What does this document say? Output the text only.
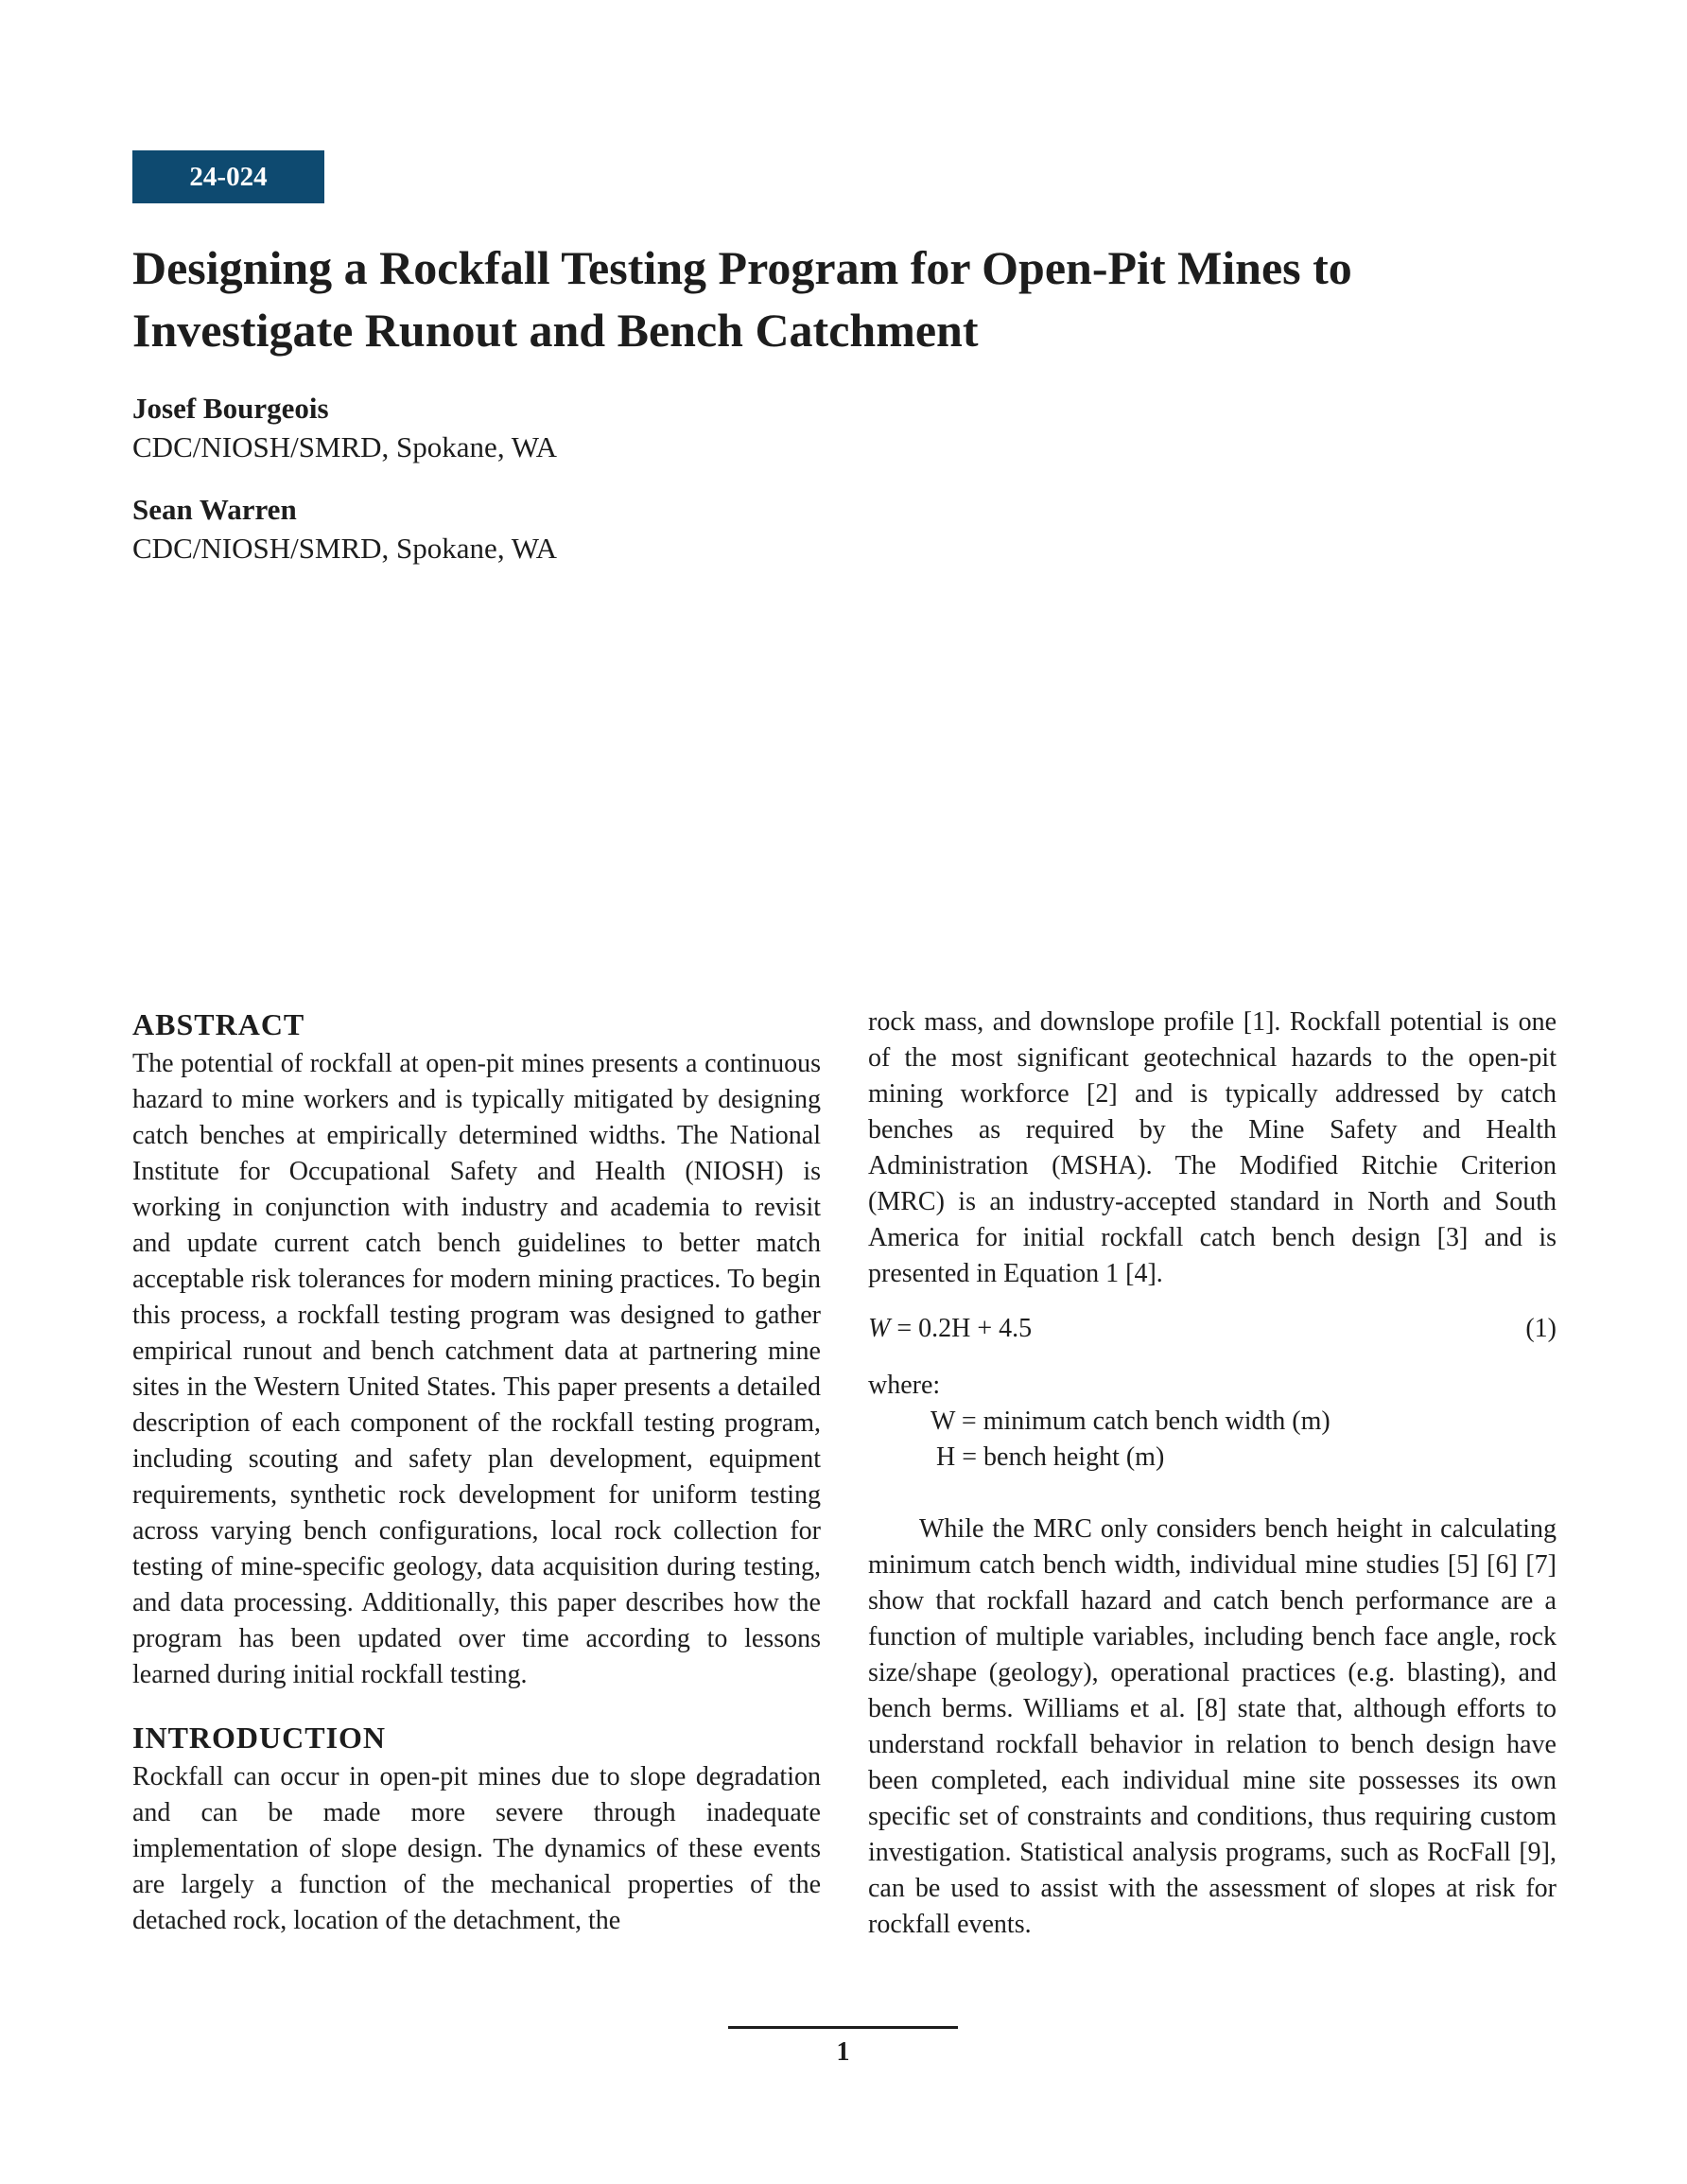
24-024
Designing a Rockfall Testing Program for Open-Pit Mines to Investigate Runout and Bench Catchment
Josef Bourgeois
CDC/NIOSH/SMRD, Spokane, WA
Sean Warren
CDC/NIOSH/SMRD, Spokane, WA
ABSTRACT

The potential of rockfall at open-pit mines presents a continuous hazard to mine workers and is typically mitigated by designing catch benches at empirically determined widths. The National Institute for Occupational Safety and Health (NIOSH) is working in conjunction with industry and academia to revisit and update current catch bench guidelines to better match acceptable risk tolerances for modern mining practices. To begin this process, a rockfall testing program was designed to gather empirical runout and bench catchment data at partnering mine sites in the Western United States. This paper presents a detailed description of each component of the rockfall testing program, including scouting and safety plan development, equipment requirements, synthetic rock development for uniform testing across varying bench configurations, local rock collection for testing of mine-specific geology, data acquisition during testing, and data processing. Additionally, this paper describes how the program has been updated over time according to lessons learned during initial rockfall testing.

INTRODUCTION

Rockfall can occur in open-pit mines due to slope degradation and can be made more severe through inadequate implementation of slope design. The dynamics of these events are largely a function of the mechanical properties of the detached rock, location of the detachment, the

rock mass, and downslope profile [1]. Rockfall potential is one of the most significant geotechnical hazards to the open-pit mining workforce [2] and is typically addressed by catch benches as required by the Mine Safety and Health Administration (MSHA). The Modified Ritchie Criterion (MRC) is an industry-accepted standard in North and South America for initial rockfall catch bench design [3] and is presented in Equation 1 [4].

W = 0.2H + 4.5	(1)

where:

W = minimum catch bench width (m)

H = bench height (m)

While the MRC only considers bench height in calculating minimum catch bench width, individual mine studies [5] [6] [7] show that rockfall hazard and catch bench performance are a function of multiple variables, including bench face angle, rock size/shape (geology), operational practices (e.g. blasting), and bench berms. Williams et al. [8] state that, although efforts to understand rockfall behavior in relation to bench design have been completed, each individual mine site possesses its own specific set of constraints and conditions, thus requiring custom investigation. Statistical analysis programs, such as RocFall [9], can be used to assist with the assessment of slopes at risk for rockfall events.

1
